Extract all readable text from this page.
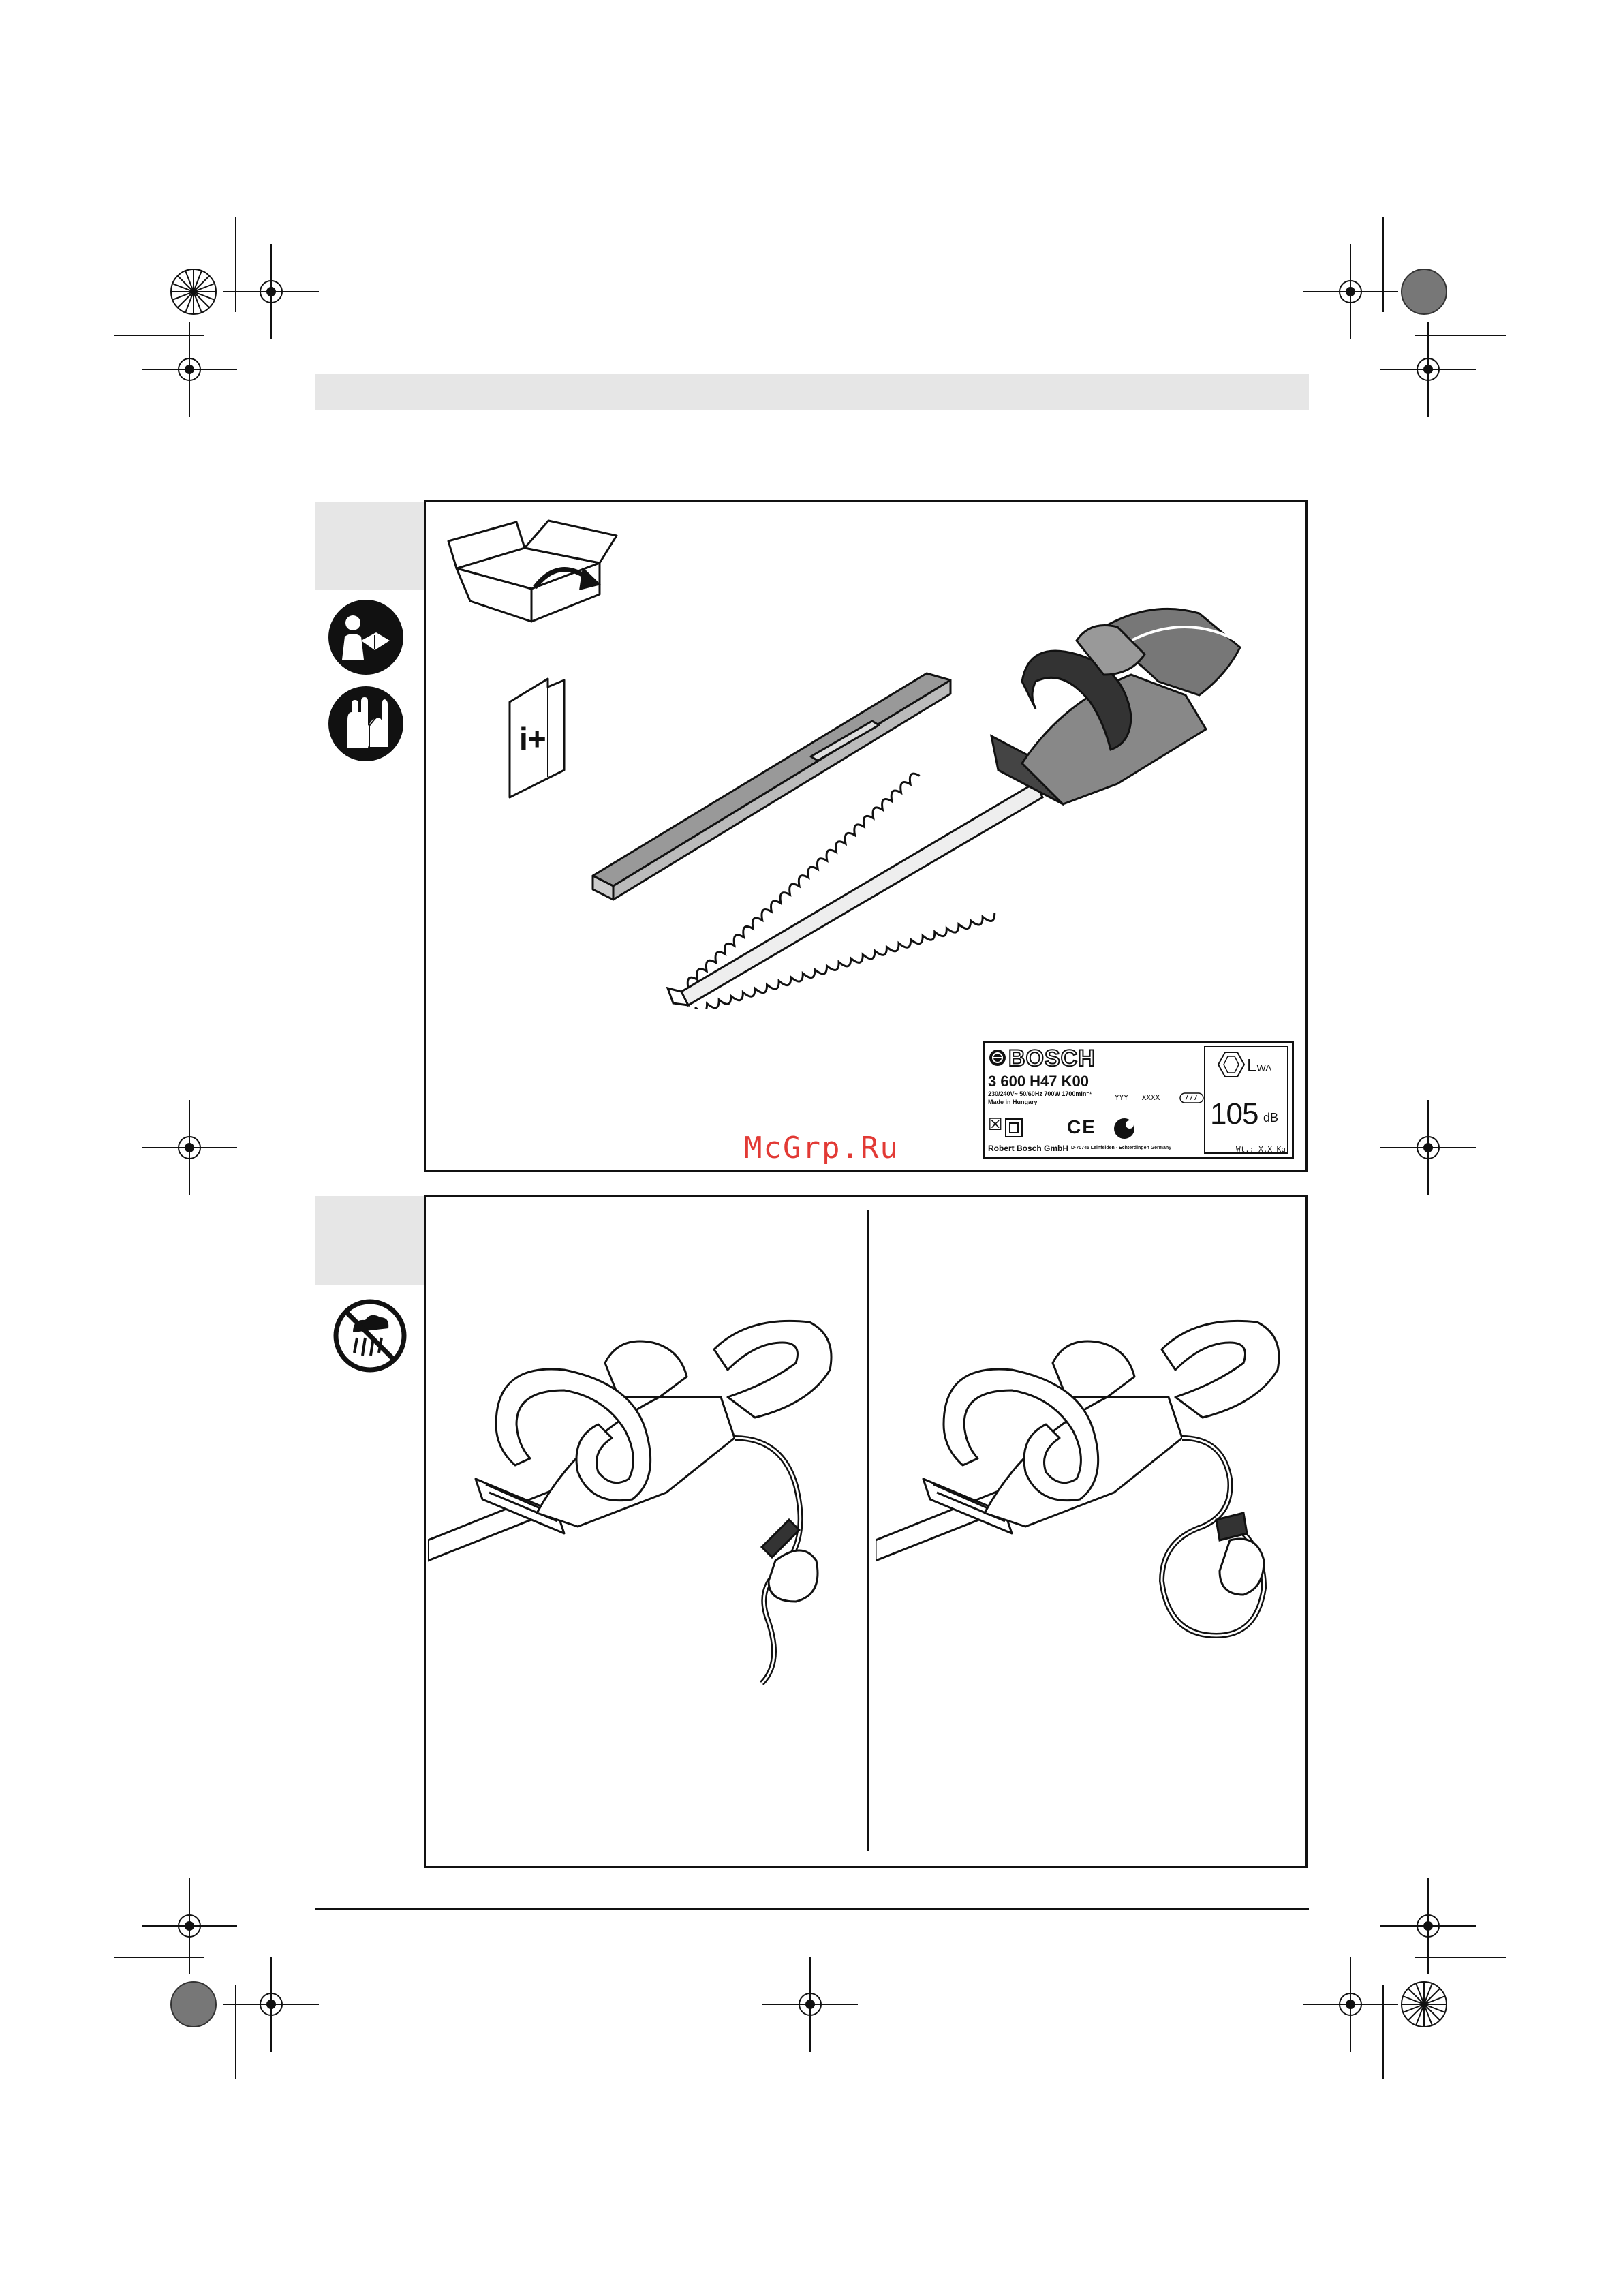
i+
BOSCH
3 600 H47 K00
230/240V~ 50/60Hz 700W 1700min⁻¹
Made in Hungary	YYY   XXXX	777
☒	CE
Robert Bosch GmbH D-70745 Leinfelden - Echterdingen Germany	Wt.: X.X Kg
LWA
105 dB
McGrp.Ru
